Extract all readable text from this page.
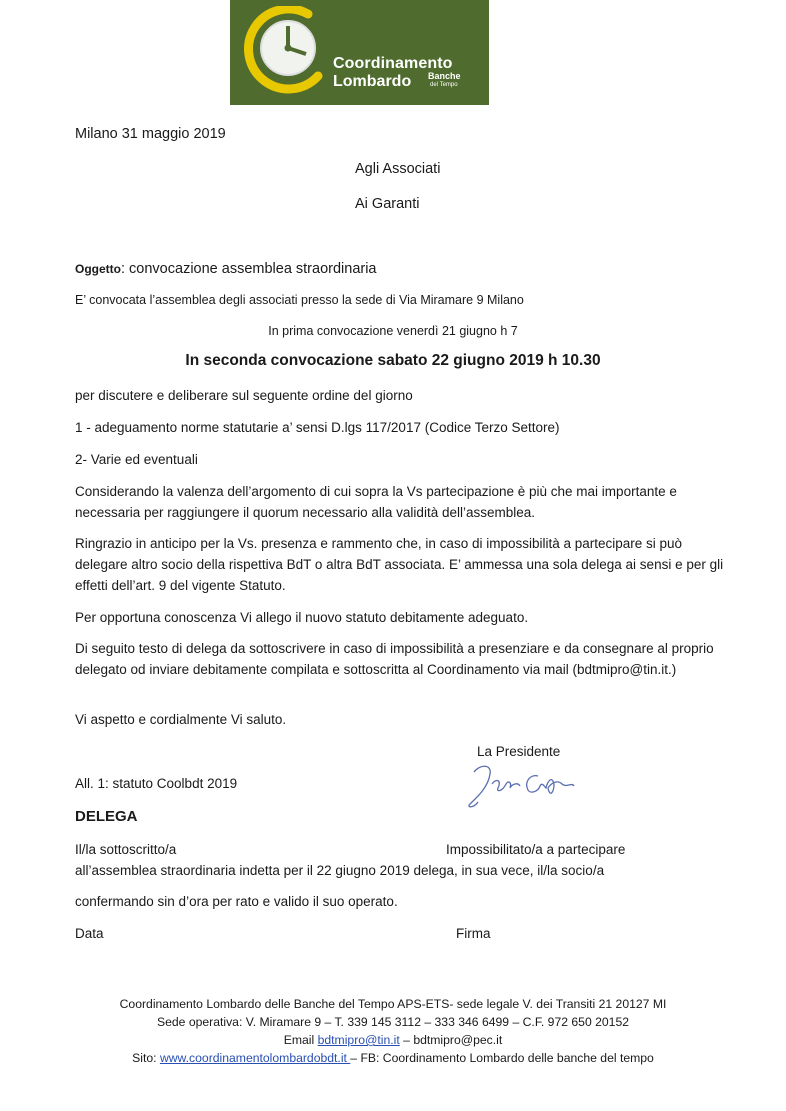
Coordinamento
Lombardo Banche
del Tempo
Milano 31 maggio 2019
Agli Associati
Ai Garanti
Oggetto: convocazione assemblea straordinaria
E’ convocata l’assemblea degli associati presso la sede di Via Miramare 9 Milano
In prima convocazione venerdì 21 giugno h 7
In seconda convocazione sabato 22 giugno 2019 h 10.30
per discutere e deliberare sul seguente ordine del giorno
1 - adeguamento norme statutarie a’ sensi D.lgs 117/2017 (Codice Terzo Settore)
2- Varie ed eventuali
Considerando la valenza dell’argomento di cui sopra la Vs partecipazione è più che mai importante e necessaria per raggiungere il quorum necessario alla validità dell’assemblea.
Ringrazio in anticipo per la Vs. presenza e rammento che, in caso di impossibilità a partecipare si può delegare altro socio della rispettiva BdT o altra BdT associata. E’ ammessa una sola delega ai sensi e per gli effetti dell’art. 9 del vigente Statuto.
Per opportuna conoscenza Vi allego il nuovo statuto debitamente adeguato.
Di seguito testo di delega da sottoscrivere in caso di impossibilità a presenziare e da consegnare al proprio delegato od inviare debitamente compilata e sottoscritta al Coordinamento via mail (bdtmipro@tin.it.)
Vi aspetto e cordialmente Vi saluto.
La Presidente
All. 1: statuto Coolbdt 2019
DELEGA
Il/la sottoscritto/a	Impossibilitato/a a partecipare
all’assemblea straordinaria indetta per il 22 giugno 2019 delega, in sua vece, il/la socio/a
confermando sin d’ora per rato e valido il suo operato.
Data	Firma
Coordinamento Lombardo delle Banche del Tempo APS-ETS- sede legale V. dei Transiti 21 20127 MI
Sede operativa: V. Miramare 9 – T. 339 145 3112 – 333 346 6499 – C.F. 972 650 20152
Email bdtmipro@tin.it – bdtmipro@pec.it
Sito: www.coordinamentolombardobdt.it – FB: Coordinamento Lombardo delle banche del tempo
